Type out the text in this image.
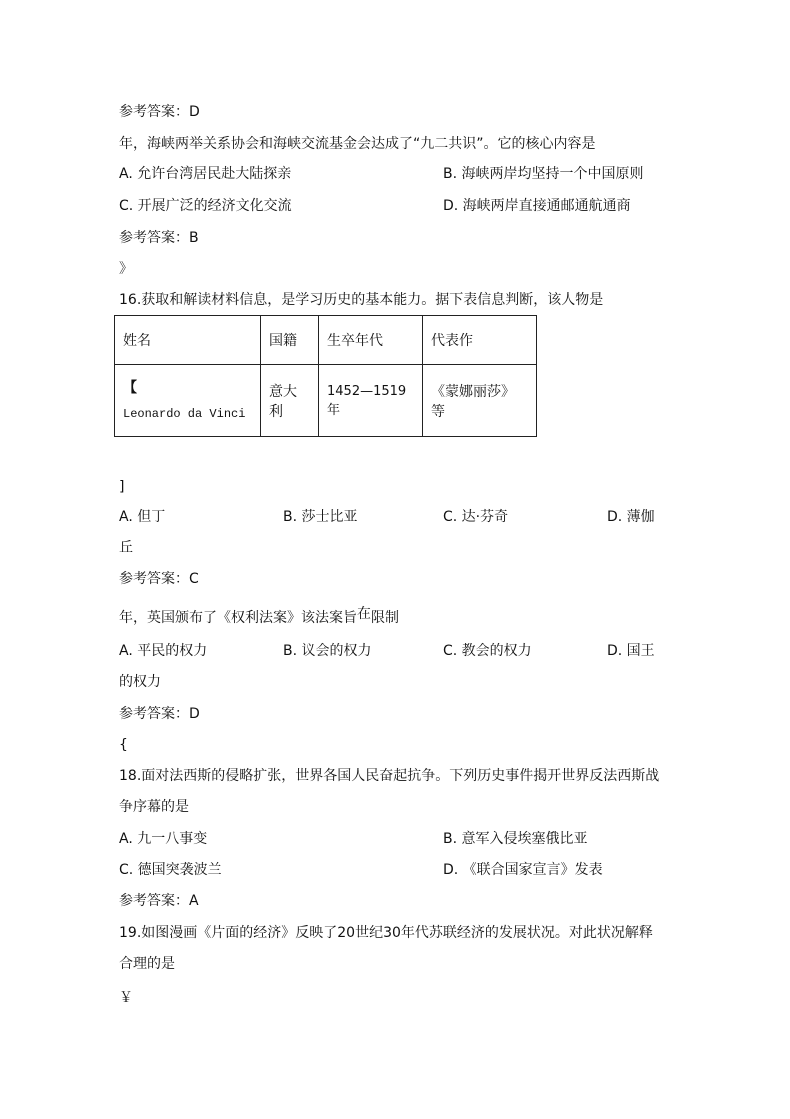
参考答案：D
年，海峡两举关系协会和海峡交流基金会达成了“九二共识”。它的核心内容是
A. 允许台湾居民赴大陆探亲	B. 海峡两岸均坚持一个中国原则
C. 开展广泛的经济文化交流	D. 海峡两岸直接通邮通航通商
参考答案：B
》
16.获取和解读材料信息，是学习历史的基本能力。据下表信息判断，该人物是
姓名	国籍	生卒年代	代表作

【
Leonardo da Vinci	意大利	1452—1519年	《蒙娜丽莎》等
]
A. 但丁	B. 莎士比亚	C. 达·芬奇	D. 薄伽
丘
参考答案：C
年，英国颁布了《权利法案》该法案旨在限制
A. 平民的权力	B. 议会的权力	C. 教会的权力	D. 国王
的权力
参考答案：D
{
18.面对法西斯的侵略扩张，世界各国人民奋起抗争。下列历史事件揭开世界反法西斯战
争序幕的是
A. 九一八事变	B. 意军入侵埃塞俄比亚
C. 德国突袭波兰	D. 《联合国家宣言》发表
参考答案：A
19.如图漫画《片面的经济》反映了20世纪30年代苏联经济的发展状况。对此状况解释
合理的是
￥
